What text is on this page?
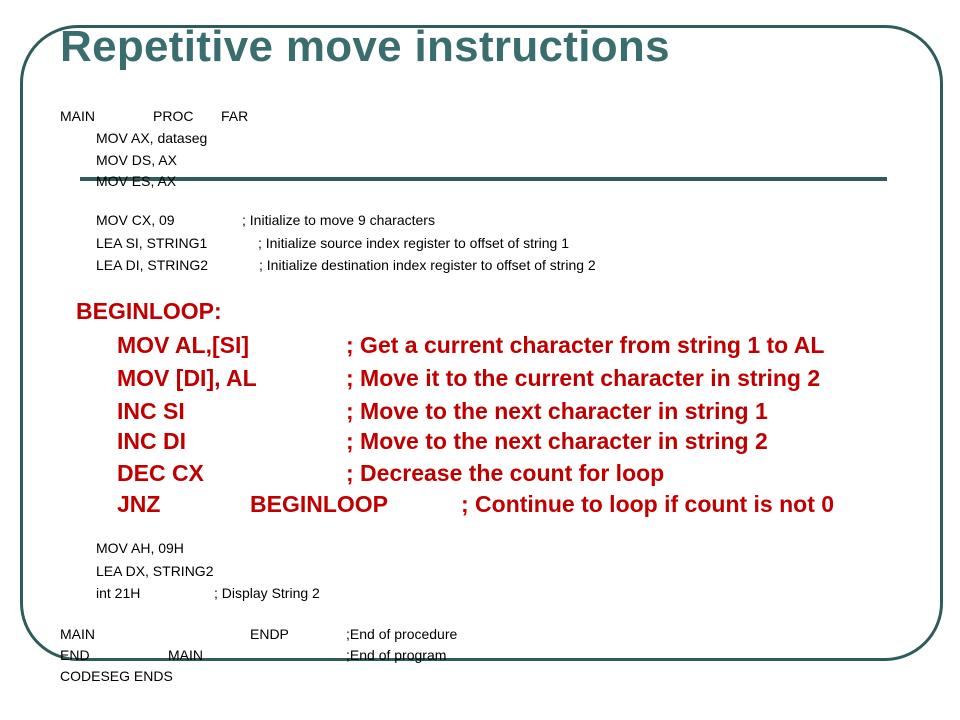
Repetitive move instructions
MAIN	PROC FAR
MOV AX, dataseg
MOV DS, AX
MOV ES, AX
MOV CX, 09	; Initialize to move 9 characters
LEA SI, STRING1	; Initialize source index register to offset of string 1
LEA DI, STRING2	; Initialize destination index register to offset of string 2
BEGINLOOP:
MOV AL,[SI]	; Get a current character from string 1 to AL
MOV [DI], AL	; Move it to the current character in string 2
INC SI	; Move to the next character in string 1
INC DI	; Move to the next character in string 2
DEC CX	; Decrease the count for loop
JNZ	BEGINLOOP	; Continue to loop if count is not 0
MOV AH, 09H
LEA DX, STRING2
int 21H	; Display String 2
MAIN	ENDP	;End of procedure
END	MAIN	;End of program
CODESEG ENDS
